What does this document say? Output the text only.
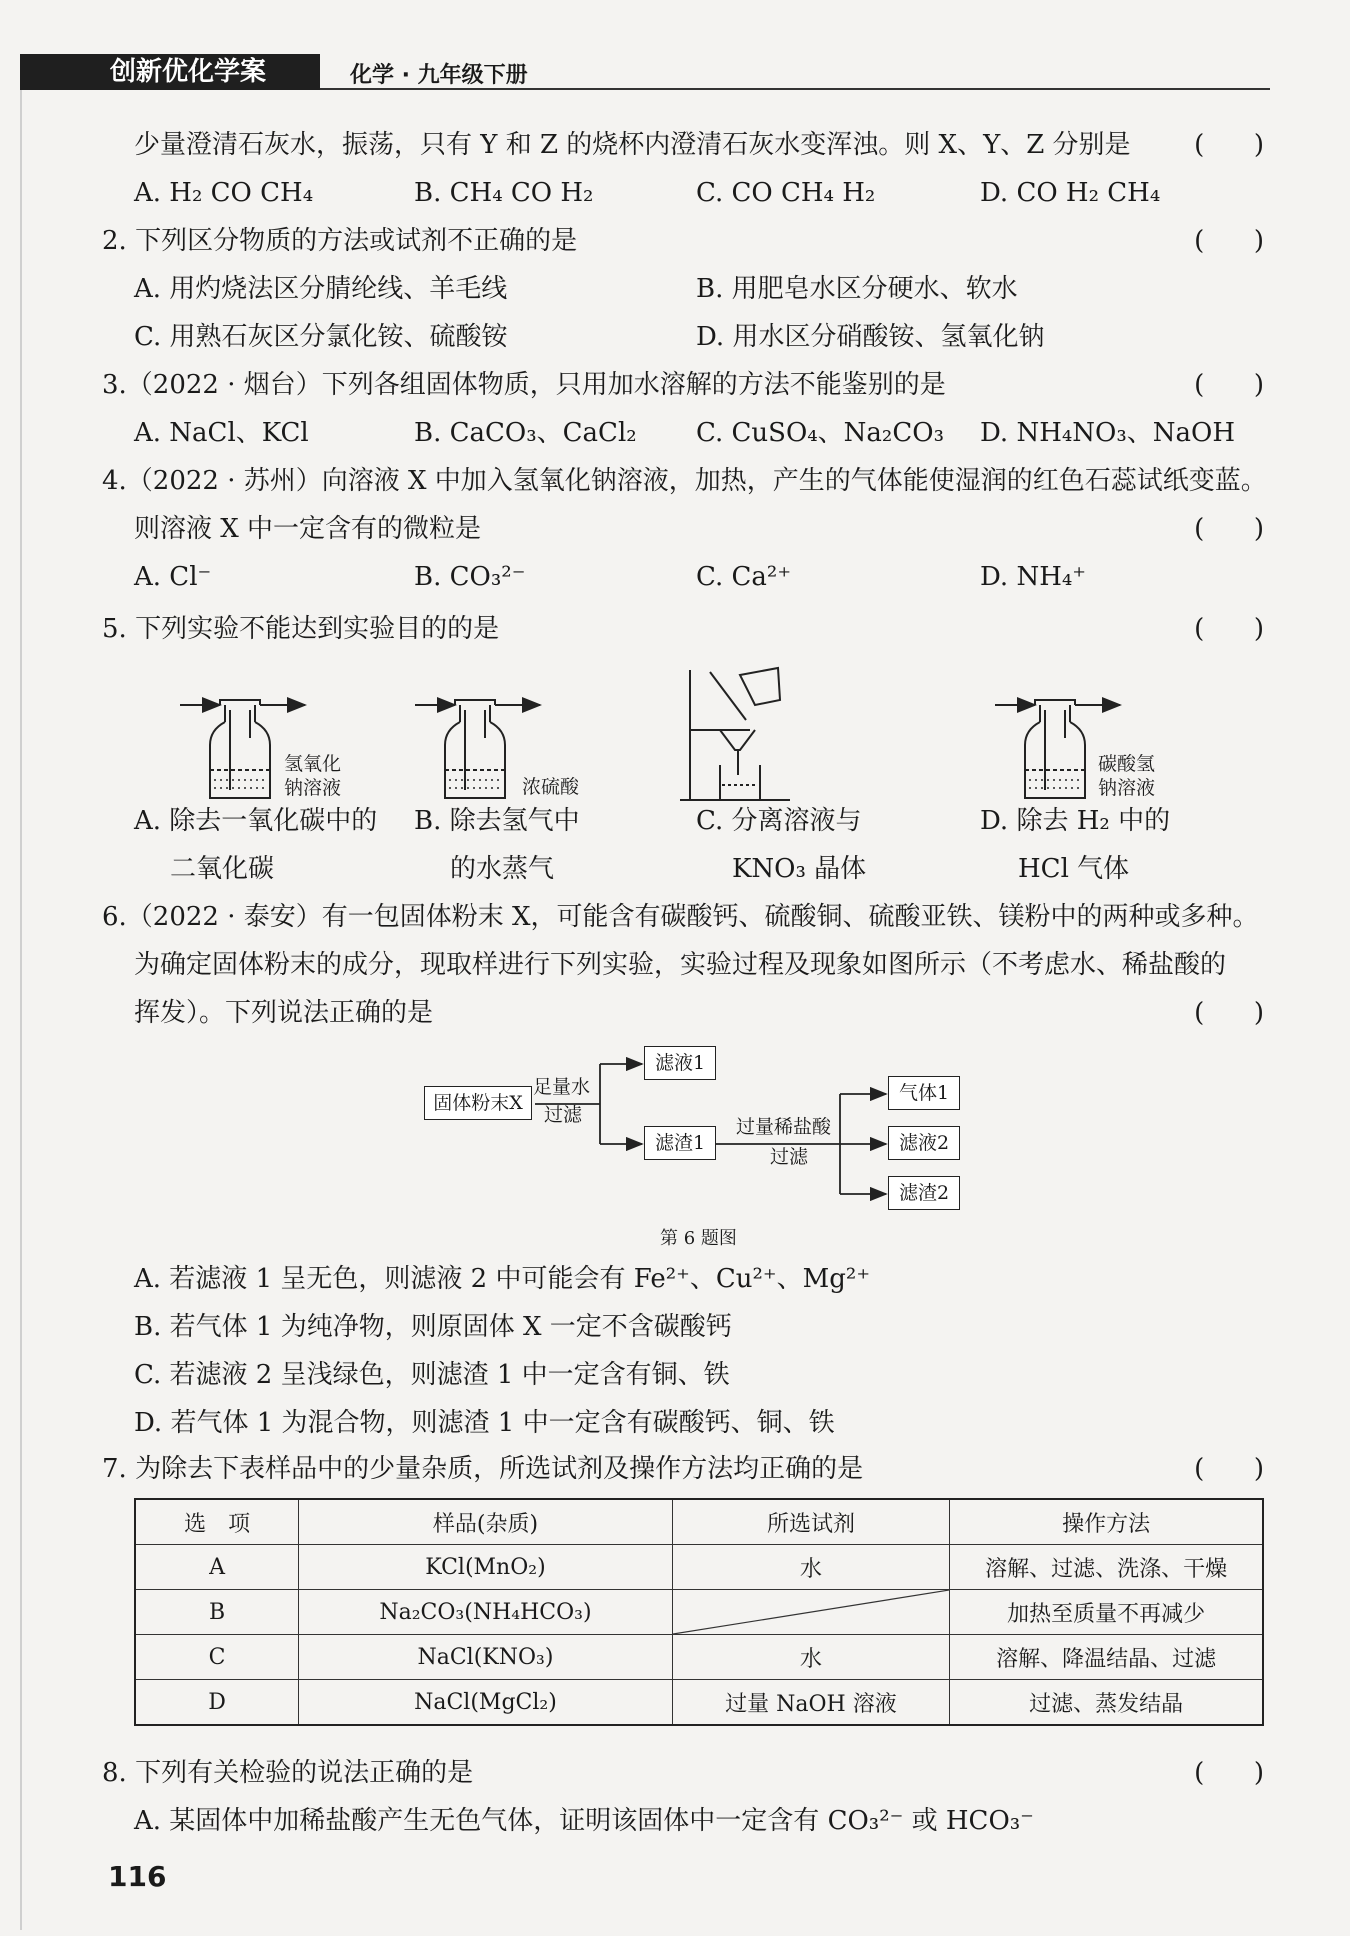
创新优化学案	化学 · 九年级下册
少量澄清石灰水，振荡，只有 Y 和 Z 的烧杯内澄清石灰水变浑浊。则 X、Y、Z 分别是 (      )
A. H₂ CO CH₄	B. CH₄ CO H₂	C. CO CH₄ H₂	D. CO H₂ CH₄
2. 下列区分物质的方法或试剂不正确的是	(      )
A. 用灼烧法区分腈纶线、羊毛线	B. 用肥皂水区分硬水、软水
C. 用熟石灰区分氯化铵、硫酸铵	D. 用水区分硝酸铵、氢氧化钠
3.（2022 · 烟台）下列各组固体物质，只用加水溶解的方法不能鉴别的是	(      )
A. NaCl、KCl	B. CaCO₃、CaCl₂ C. CuSO₄、Na₂CO₃ D. NH₄NO₃、NaOH
4.（2022 · 苏州）向溶液 X 中加入氢氧化钠溶液，加热，产生的气体能使湿润的红色石蕊试纸变蓝。
则溶液 X 中一定含有的微粒是	(      )
A. Cl⁻	B. CO₃²⁻	C. Ca²⁺	D. NH₄⁺
5. 下列实验不能达到实验目的的是	(      )
氢氧化钠溶液	浓硫酸
碳酸氢钠溶液
A. 除去一氧化碳中的
二氧化碳
B. 除去氢气中
的水蒸气
C. 分离溶液与
KNO₃ 晶体
D. 除去 H₂ 中的
HCl 气体
6.（2022 · 泰安）有一包固体粉末 X，可能含有碳酸钙、硫酸铜、硫酸亚铁、镁粉中的两种或多种。
为确定固体粉末的成分，现取样进行下列实验，实验过程及现象如图所示（不考虑水、稀盐酸的
挥发）。下列说法正确的是	(      )
固体粉末X
足量水
过滤
滤液1
滤渣1
过量稀盐酸
过滤
气体1
滤液2
滤渣2
第 6 题图
A. 若滤液 1 呈无色，则滤液 2 中可能会有 Fe²⁺、Cu²⁺、Mg²⁺
B. 若气体 1 为纯净物，则原固体 X 一定不含碳酸钙
C. 若滤液 2 呈浅绿色，则滤渣 1 中一定含有铜、铁
D. 若气体 1 为混合物，则滤渣 1 中一定含有碳酸钙、铜、铁
7. 为除去下表样品中的少量杂质，所选试剂及操作方法均正确的是	(      )
选　项	样品(杂质)	所选试剂	操作方法
A	KCl(MnO₂)	水	溶解、过滤、洗涤、干燥
B	Na₂CO₃(NH₄HCO₃)		加热至质量不再减少
C	NaCl(KNO₃)	水	溶解、降温结晶、过滤
D	NaCl(MgCl₂)	过量 NaOH 溶液	过滤、蒸发结晶
8. 下列有关检验的说法正确的是	(      )
A. 某固体中加稀盐酸产生无色气体，证明该固体中一定含有 CO₃²⁻ 或 HCO₃⁻
116
